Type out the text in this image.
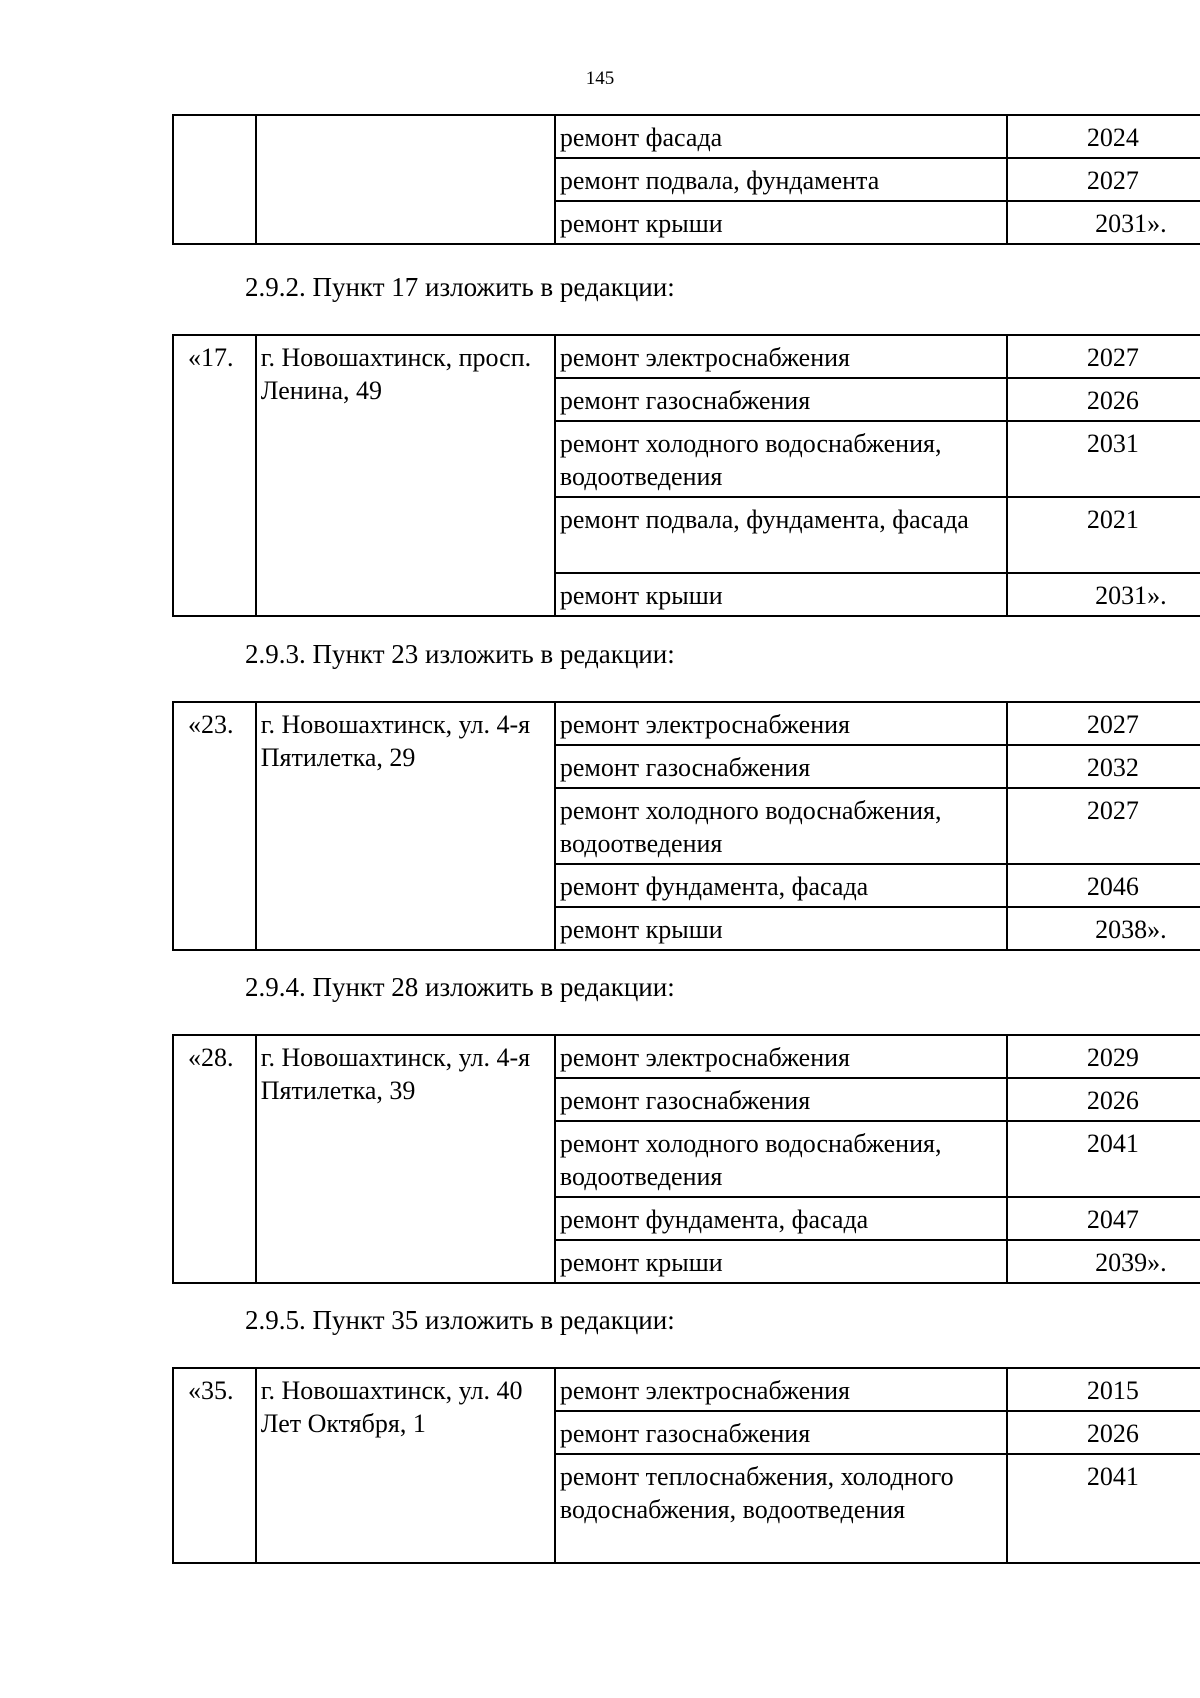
145
		ремонт фасада	2024
		ремонт подвала, фундамента	2027
		ремонт крыши	2031».
2.9.2. Пункт 17 изложить в редакции:
«17.	г. Новошахтинск, просп. Ленина, 49	ремонт электроснабжения	2027
		ремонт газоснабжения	2026
		ремонт холодного водоснабжения, водоотведения	2031
		ремонт подвала, фундамента, фасада	2021
		ремонт крыши	2031».
2.9.3. Пункт 23 изложить в редакции:
«23.	г. Новошахтинск, ул. 4-я Пятилетка, 29	ремонт электроснабжения	2027
		ремонт газоснабжения	2032
		ремонт холодного водоснабжения, водоотведения	2027
		ремонт фундамента, фасада	2046
		ремонт крыши	2038».
2.9.4. Пункт 28 изложить в редакции:
«28.	г. Новошахтинск, ул. 4-я Пятилетка, 39	ремонт электроснабжения	2029
		ремонт газоснабжения	2026
		ремонт холодного водоснабжения, водоотведения	2041
		ремонт фундамента, фасада	2047
		ремонт крыши	2039».
2.9.5. Пункт 35 изложить в редакции:
«35.	г. Новошахтинск, ул. 40 Лет Октября, 1	ремонт электроснабжения	2015
		ремонт газоснабжения	2026
		ремонт теплоснабжения, холодного водоснабжения, водоотведения	2041
